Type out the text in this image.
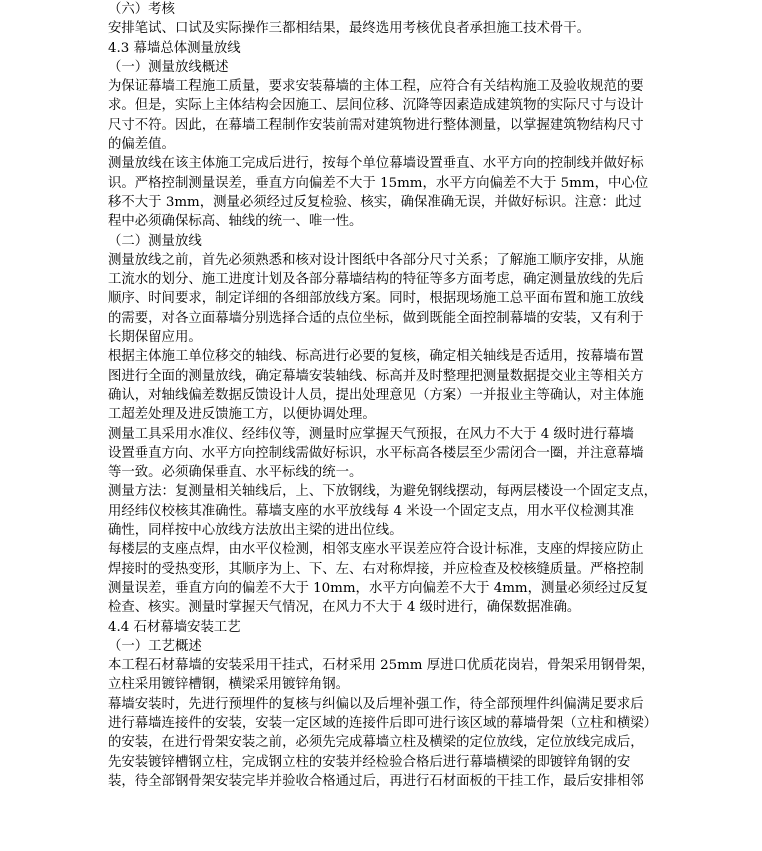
（六）考核
安排笔试、口试及实际操作三都相结果，最终选用考核优良者承担施工技术骨干。
4.3 幕墙总体测量放线
（一）测量放线概述
为保证幕墙工程施工质量，要求安装幕墙的主体工程，应符合有关结构施工及验收规范的要
求。但是，实际上主体结构会因施工、层间位移、沉降等因素造成建筑物的实际尺寸与设计
尺寸不符。因此，在幕墙工程制作安装前需对建筑物进行整体测量，以掌握建筑物结构尺寸
的偏差值。
测量放线在该主体施工完成后进行，按每个单位幕墙设置垂直、水平方向的控制线并做好标
识。严格控制测量误差，垂直方向偏差不大于 15mm，水平方向偏差不大于 5mm，中心位
移不大于 3mm，测量必须经过反复检验、核实，确保准确无误，并做好标识。注意：此过
程中必须确保标高、轴线的统一、唯一性。
（二）测量放线
测量放线之前，首先必须熟悉和核对设计图纸中各部分尺寸关系；了解施工顺序安排，从施
工流水的划分、施工进度计划及各部分幕墙结构的特征等多方面考虑，确定测量放线的先后
顺序、时间要求，制定详细的各细部放线方案。同时，根据现场施工总平面布置和施工放线
的需要，对各立面幕墙分别选择合适的点位坐标，做到既能全面控制幕墙的安装，又有利于
长期保留应用。
根据主体施工单位移交的轴线、标高进行必要的复核，确定相关轴线是否适用，按幕墙布置
图进行全面的测量放线，确定幕墙安装轴线、标高并及时整理把测量数据提交业主等相关方
确认，对轴线偏差数据反馈设计人员，提出处理意见（方案）一并报业主等确认，对主体施
工超差处理及进反馈施工方，以便协调处理。
测量工具采用水准仪、经纬仪等，测量时应掌握天气预报，在风力不大于 4 级时进行幕墙
设置垂直方向、水平方向控制线需做好标识，水平标高各楼层至少需闭合一圈，并注意幕墙
等一致。必须确保垂直、水平标线的统一。
测量方法：复测量相关轴线后，上、下放钢线，为避免钢线摆动，每两层楼设一个固定支点，
用经纬仪校核其准确性。幕墙支座的水平放线每 4 米设一个固定支点，用水平仪检测其准
确性，同样按中心放线方法放出主梁的进出位线。
每楼层的支座点焊，由水平仪检测，相邻支座水平误差应符合设计标准，支座的焊接应防止
焊接时的受热变形，其顺序为上、下、左、右对称焊接，并应检查及校核缝质量。严格控制
测量误差，垂直方向的偏差不大于 10mm，水平方向偏差不大于 4mm，测量必须经过反复
检查、核实。测量时掌握天气情况，在风力不大于 4 级时进行，确保数据准确。
4.4 石材幕墙安装工艺
（一）工艺概述
本工程石材幕墙的安装采用干挂式，石材采用 25mm 厚进口优质花岗岩，骨架采用钢骨架，
立柱采用镀锌槽钢，横梁采用镀锌角钢。
幕墙安装时，先进行预埋件的复核与纠偏以及后埋补强工作，待全部预埋件纠偏满足要求后
进行幕墙连接件的安装，安装一定区域的连接件后即可进行该区域的幕墙骨架（立柱和横梁）
的安装，在进行骨架安装之前，必须先完成幕墙立柱及横梁的定位放线，定位放线完成后，
先安装镀锌槽钢立柱，完成钢立柱的安装并经检验合格后进行幕墙横梁的即镀锌角钢的安
装，待全部钢骨架安装完毕并验收合格通过后，再进行石材面板的干挂工作，最后安排相邻
